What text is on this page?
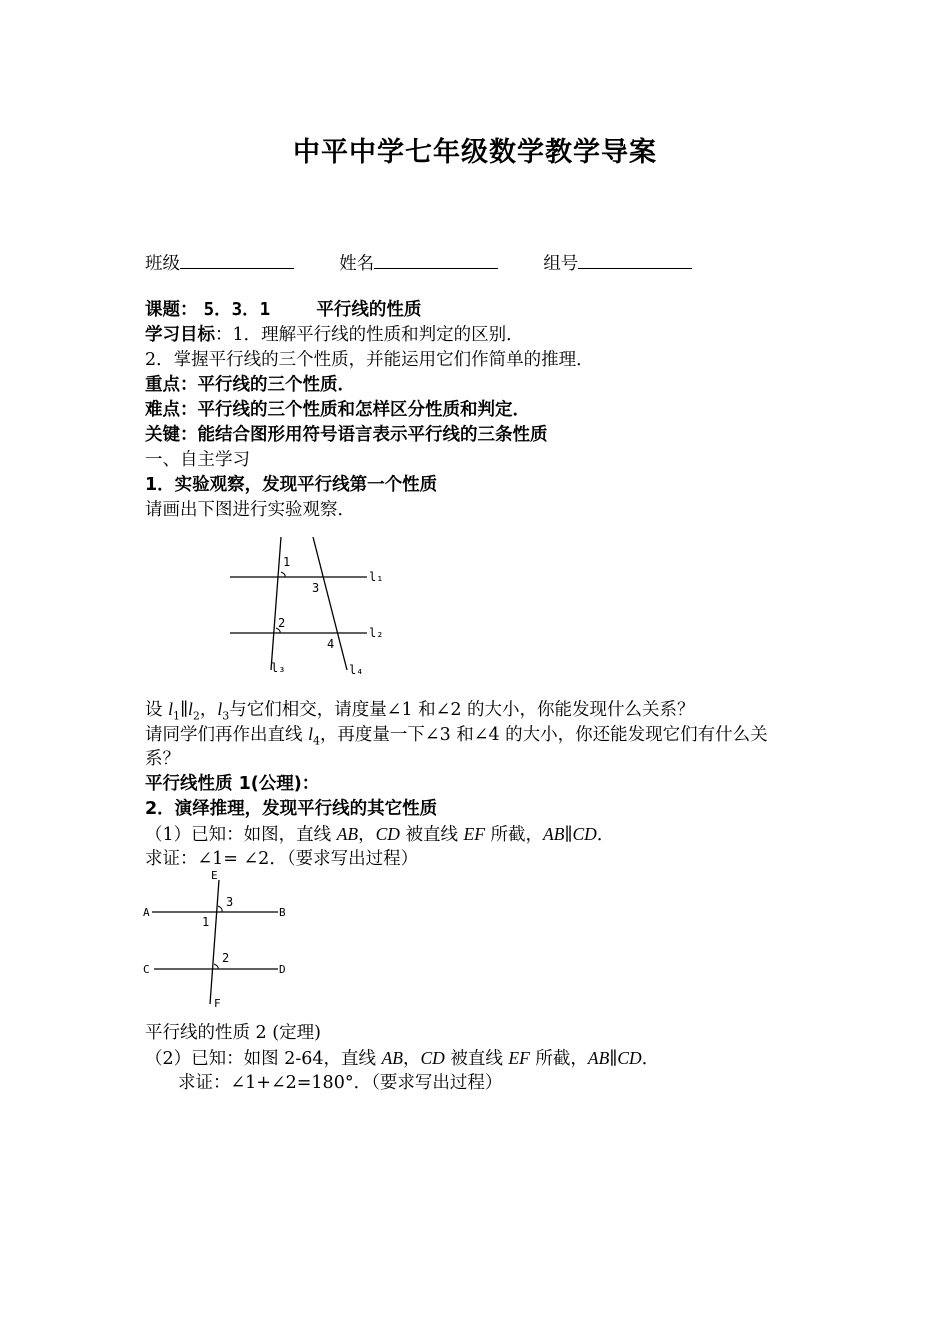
中平中学七年级数学教学导案
班级	姓名	组号
课题： 5．3．1	平行线的性质
学习目标：1．理解平行线的性质和判定的区别．
2．掌握平行线的三个性质，并能运用它们作简单的推理．
重点：平行线的三个性质．
难点：平行线的三个性质和怎样区分性质和判定．
关键：能结合图形用符号语言表示平行线的三条性质
一、自主学习
1．实验观察，发现平行线第一个性质
请画出下图进行实验观察．
1
3
2
4
l₁
l₂
l₃	l₄
设 $l_1\parallel l_2$，$l_3$与它们相交，请度量∠1 和∠2 的大小，你能发现什么关系？
请同学们再作出直线 $l_4$，再度量一下∠3 和∠4 的大小，你还能发现它们有什么关
系？
平行线性质 1(公理)：
2．演绎推理，发现平行线的其它性质
（1）已知：如图，直线 AB，CD 被直线 EF 所截，AB∥CD．
求证：∠1= ∠2．（要求写出过程）
A	B
C	D
E
F
3
1
2
平行线的性质 2 (定理)
（2）已知：如图 2-64，直线 AB，CD 被直线 EF 所截，AB∥CD．
求证：∠1+∠2=180°．（要求写出过程）
